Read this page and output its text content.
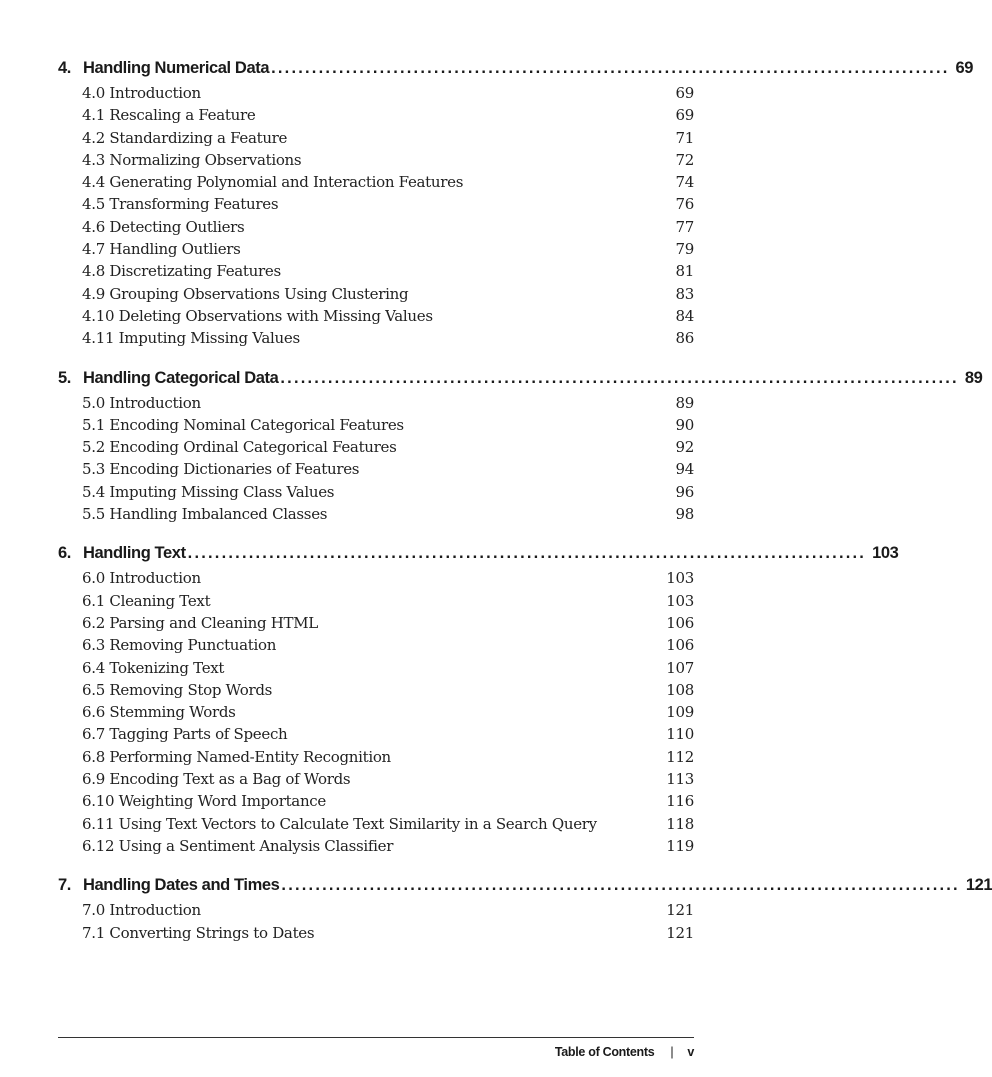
4. Handling Numerical Data .................................................................................................... 69
4.0 Introduction	69
4.1 Rescaling a Feature	69
4.2 Standardizing a Feature	71
4.3 Normalizing Observations	72
4.4 Generating Polynomial and Interaction Features	74
4.5 Transforming Features	76
4.6 Detecting Outliers	77
4.7 Handling Outliers	79
4.8 Discretizating Features	81
4.9 Grouping Observations Using Clustering	83
4.10 Deleting Observations with Missing Values	84
4.11 Imputing Missing Values	86
5. Handling Categorical Data .................................................................................................... 89
5.0 Introduction	89
5.1 Encoding Nominal Categorical Features	90
5.2 Encoding Ordinal Categorical Features	92
5.3 Encoding Dictionaries of Features	94
5.4 Imputing Missing Class Values	96
5.5 Handling Imbalanced Classes	98
6. Handling Text .................................................................................................... 103
6.0 Introduction	103
6.1 Cleaning Text	103
6.2 Parsing and Cleaning HTML	106
6.3 Removing Punctuation	106
6.4 Tokenizing Text	107
6.5 Removing Stop Words	108
6.6 Stemming Words	109
6.7 Tagging Parts of Speech	110
6.8 Performing Named-Entity Recognition	112
6.9 Encoding Text as a Bag of Words	113
6.10 Weighting Word Importance	116
6.11 Using Text Vectors to Calculate Text Similarity in a Search Query	118
6.12 Using a Sentiment Analysis Classifier	119
7. Handling Dates and Times .................................................................................................... 121
7.0 Introduction	121
7.1 Converting Strings to Dates	121
Table of Contents | v
